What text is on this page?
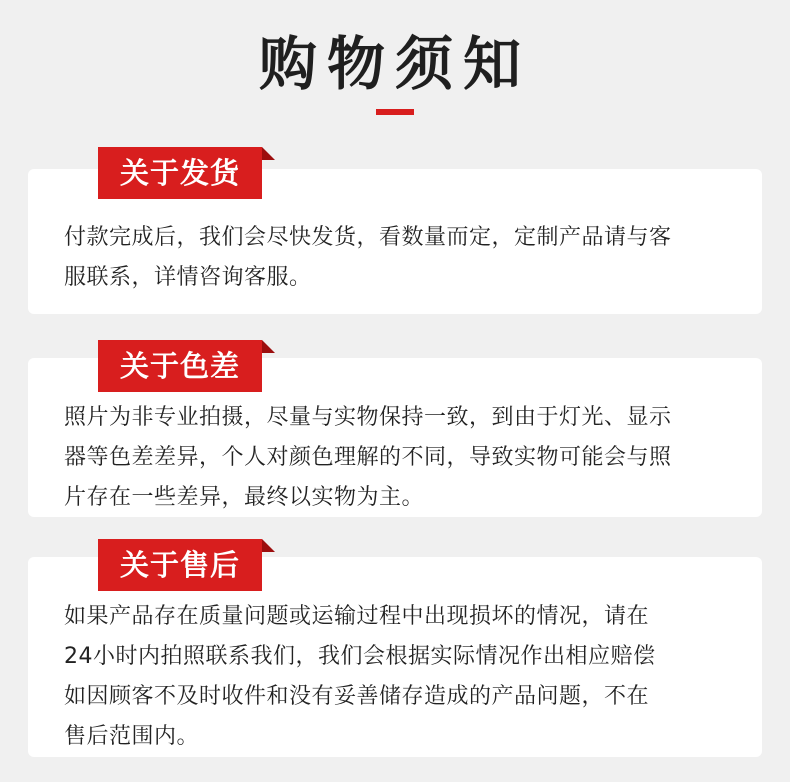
购物须知
关于发货
付款完成后，我们会尽快发货，看数量而定，定制产品请与客
服联系，详情咨询客服。
关于色差
照片为非专业拍摄，尽量与实物保持一致，到由于灯光、显示
器等色差差异，个人对颜色理解的不同，导致实物可能会与照
片存在一些差异，最终以实物为主。
关于售后
如果产品存在质量问题或运输过程中出现损坏的情况，请在
24小时内拍照联系我们，我们会根据实际情况作出相应赔偿
如因顾客不及时收件和没有妥善储存造成的产品问题，不在
售后范围内。
